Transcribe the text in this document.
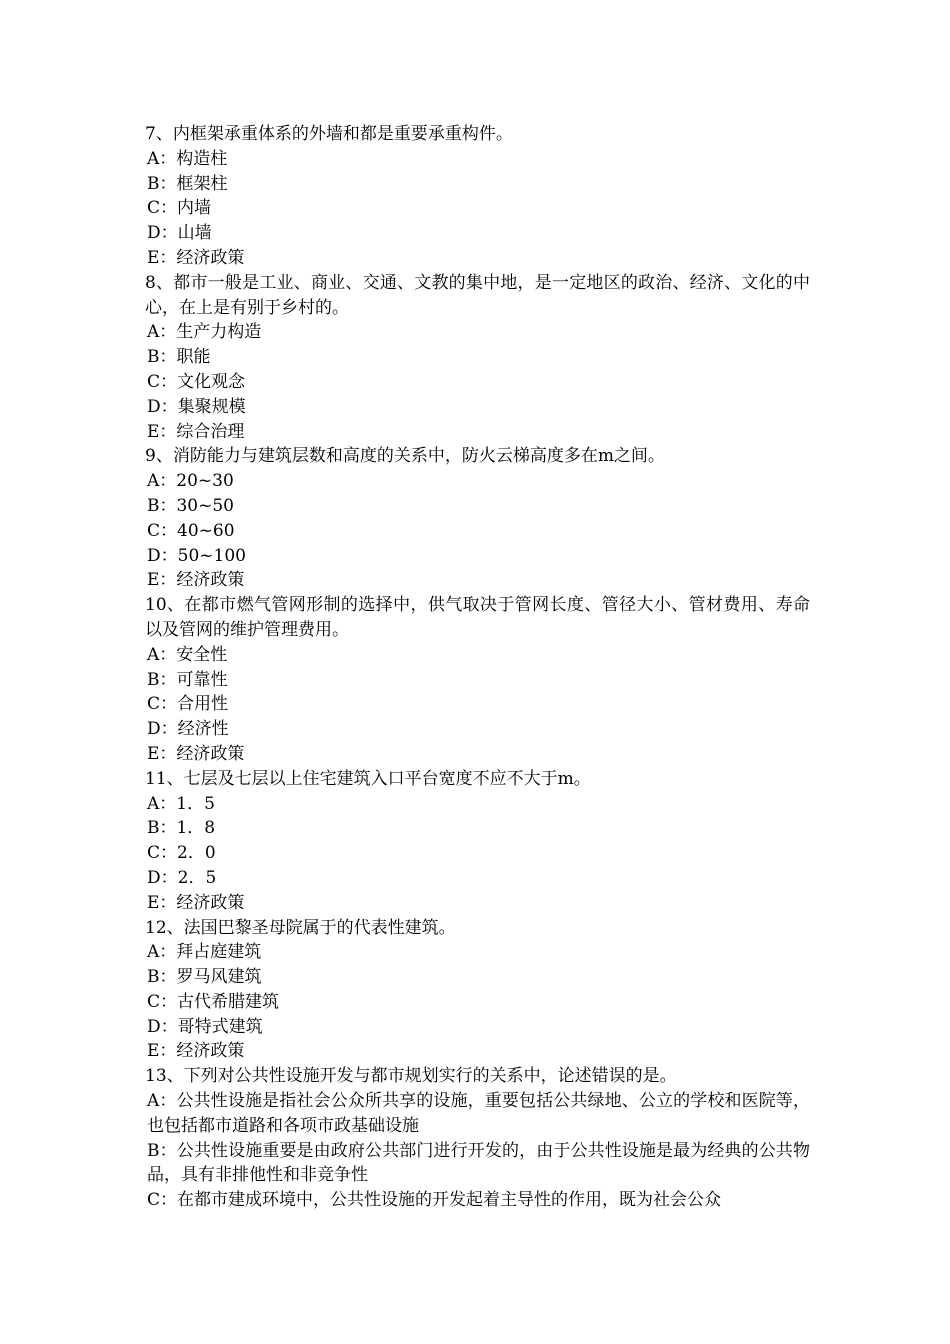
7、内框架承重体系的外墙和都是重要承重构件。
A：构造柱
B：框架柱
C：内墙
D：山墙
E：经济政策
8、都市一般是工业、商业、交通、文教的集中地，是一定地区的政治、经济、文化的中心，在上是有别于乡村的。
A：生产力构造
B：职能
C：文化观念
D：集聚规模
E：综合治理
9、消防能力与建筑层数和高度的关系中，防火云梯高度多在m之间。
A：20~30
B：30~50
C：40~60
D：50~100
E：经济政策
10、在都市燃气管网形制的选择中，供气取决于管网长度、管径大小、管材费用、寿命以及管网的维护管理费用。
A：安全性
B：可靠性
C：合用性
D：经济性
E：经济政策
11、七层及七层以上住宅建筑入口平台宽度不应不大于m。
A：1．5
B：1．8
C：2．0
D：2．5
E：经济政策
12、法国巴黎圣母院属于的代表性建筑。
A：拜占庭建筑
B：罗马风建筑
C：古代希腊建筑
D：哥特式建筑
E：经济政策
13、下列对公共性设施开发与都市规划实行的关系中，论述错误的是。
A：公共性设施是指社会公众所共享的设施，重要包括公共绿地、公立的学校和医院等，也包括都市道路和各项市政基础设施
B：公共性设施重要是由政府公共部门进行开发的，由于公共性设施是最为经典的公共物品，具有非排他性和非竞争性
C：在都市建成环境中，公共性设施的开发起着主导性的作用，既为社会公众
